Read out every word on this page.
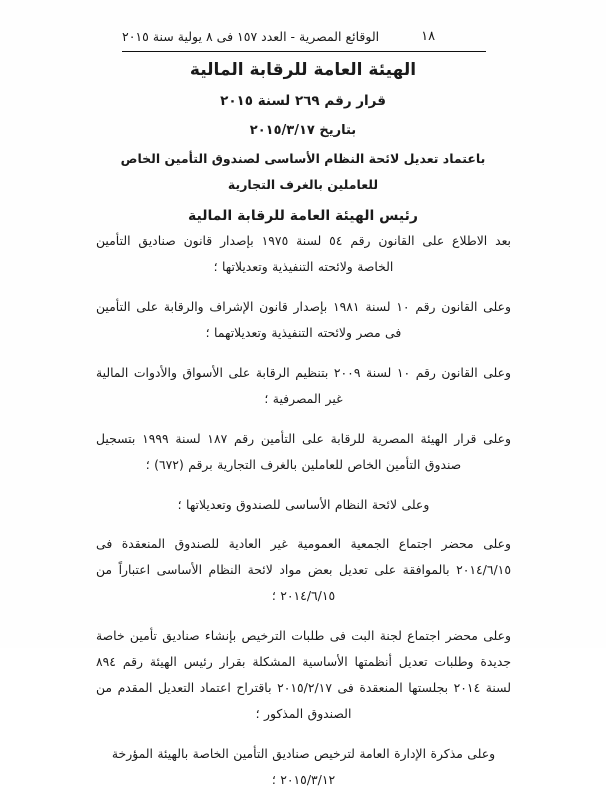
الوقائع المصرية - العدد ١٥٧ فى ٨ يولية سنة ٢٠١٥	١٨
الهيئة العامة للرقابة المالية
قرار رقم ٢٦٩ لسنة ٢٠١٥
بتاريخ ٢٠١٥/٣/١٧
باعتماد تعديل لائحة النظام الأساسى لصندوق التأمين الخاص
للعاملين بالغرف التجارية
رئيس الهيئة العامة للرقابة المالية

بعد الاطلاع على القانون رقم ٥٤ لسنة ١٩٧٥ بإصدار قانون صناديق التأمين الخاصة ولائحته التنفيذية وتعديلاتها ؛

وعلى القانون رقم ١٠ لسنة ١٩٨١ بإصدار قانون الإشراف والرقابة على التأمين فى مصر ولائحته التنفيذية وتعديلاتهما ؛

وعلى القانون رقم ١٠ لسنة ٢٠٠٩ بتنظيم الرقابة على الأسواق والأدوات المالية غير المصرفية ؛

وعلى قرار الهيئة المصرية للرقابة على التأمين رقم ١٨٧ لسنة ١٩٩٩ بتسجيل صندوق التأمين الخاص للعاملين بالغرف التجارية برقم (٦٧٢) ؛

وعلى لائحة النظام الأساسى للصندوق وتعديلاتها ؛

وعلى محضر اجتماع الجمعية العمومية غير العادية للصندوق المنعقدة فى ٢٠١٤/٦/١٥ بالموافقة على تعديل بعض مواد لائحة النظام الأساسى اعتباراً من ٢٠١٤/٦/١٥ ؛

وعلى محضر اجتماع لجنة البت فى طلبات الترخيص بإنشاء صناديق تأمين خاصة جديدة وطلبات تعديل أنظمتها الأساسية المشكلة بقرار رئيس الهيئة رقم ٨٩٤ لسنة ٢٠١٤ بجلستها المنعقدة فى ٢٠١٥/٢/١٧ باقتراح اعتماد التعديل المقدم من الصندوق المذكور ؛

وعلى مذكرة الإدارة العامة لترخيص صناديق التأمين الخاصة بالهيئة المؤرخة ٢٠١٥/٣/١٢ ؛
